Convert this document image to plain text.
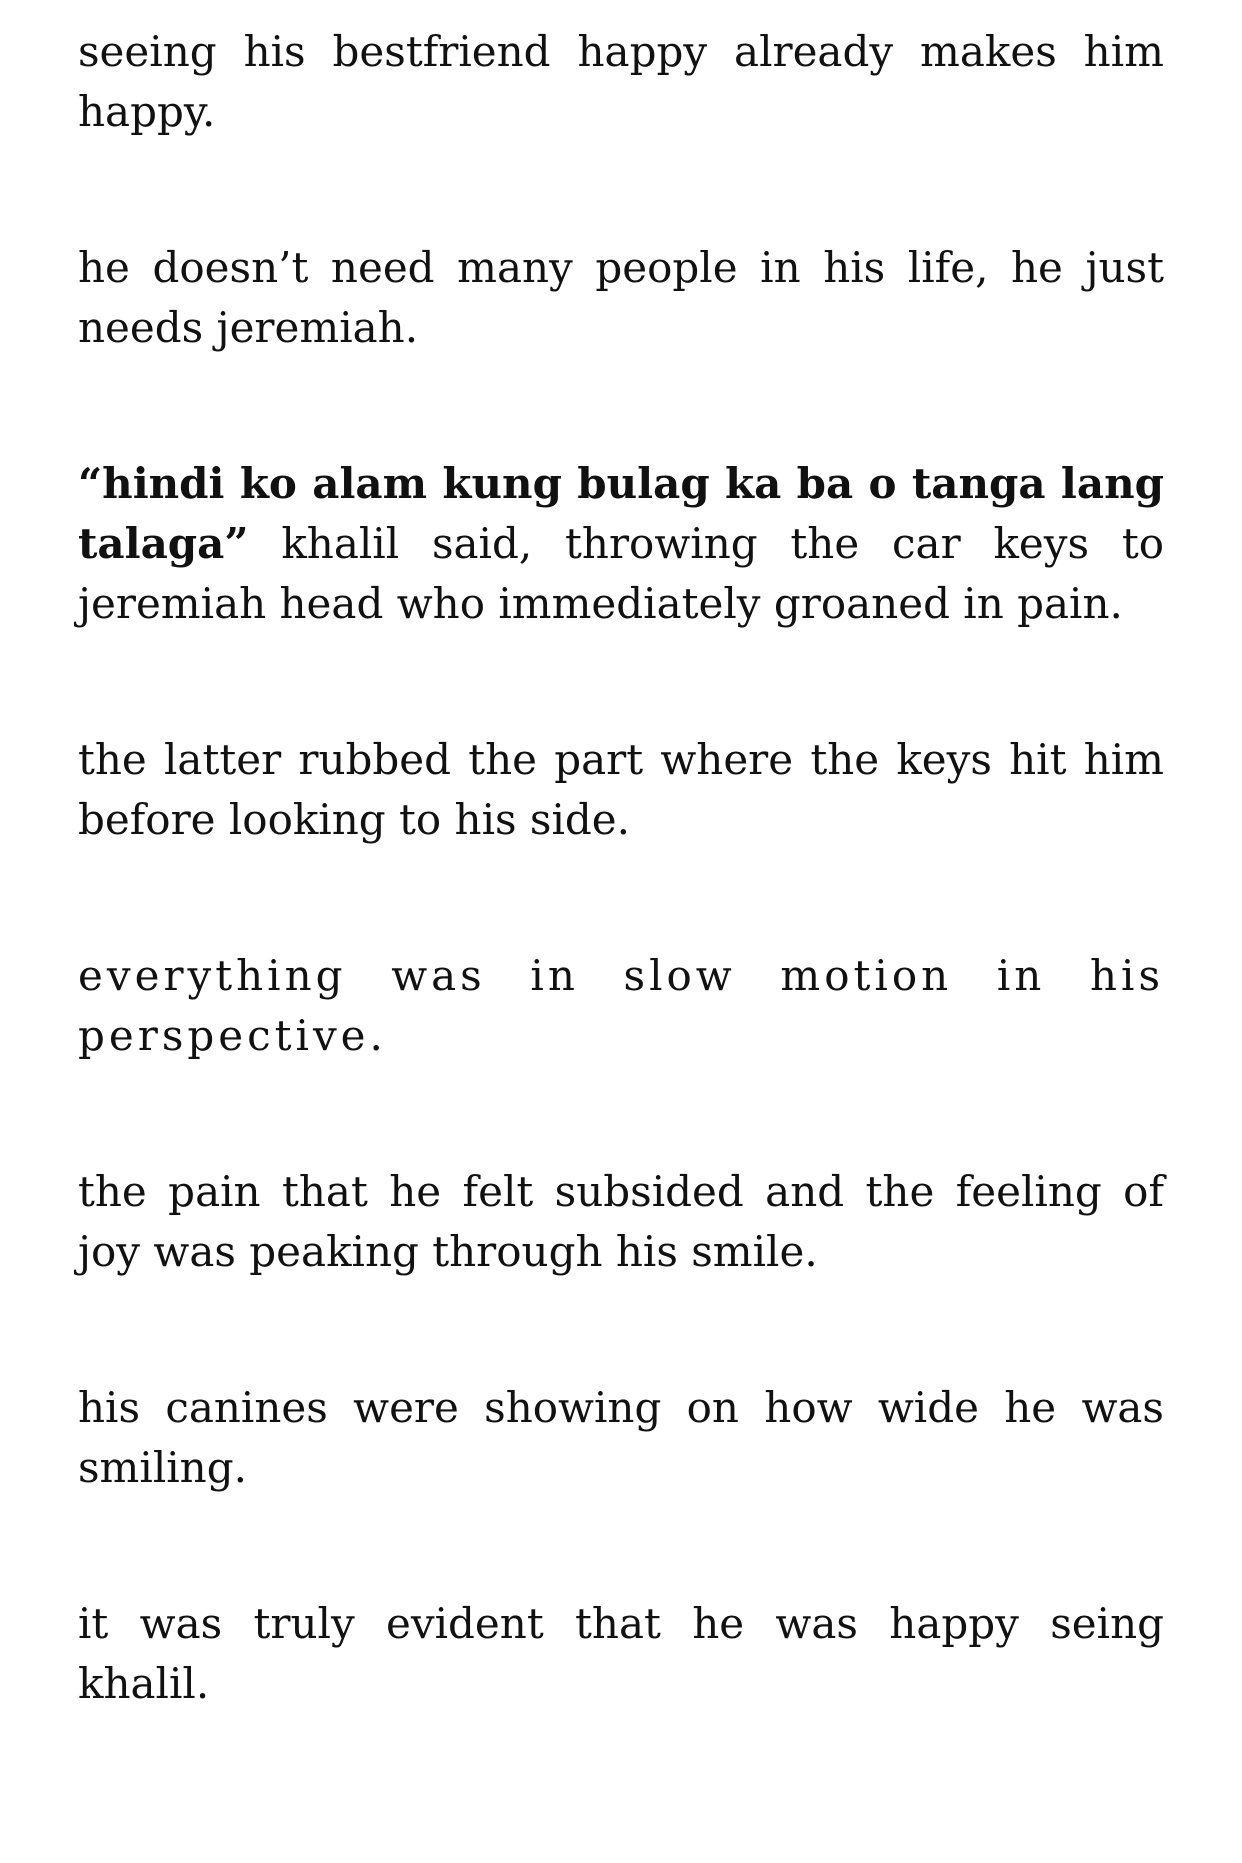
seeing his bestfriend happy already makes him happy.

he doesn’t need many people in his life, he just needs jeremiah.

“hindi ko alam kung bulag ka ba o tanga lang talaga” khalil said, throwing the car keys to jeremiah head who immediately groaned in pain.

the latter rubbed the part where the keys hit him before looking to his side.

everything was in slow motion in his perspective.

the pain that he felt subsided and the feeling of joy was peaking through his smile.

his canines were showing on how wide he was smiling.

it was truly evident that he was happy seing khalil.
